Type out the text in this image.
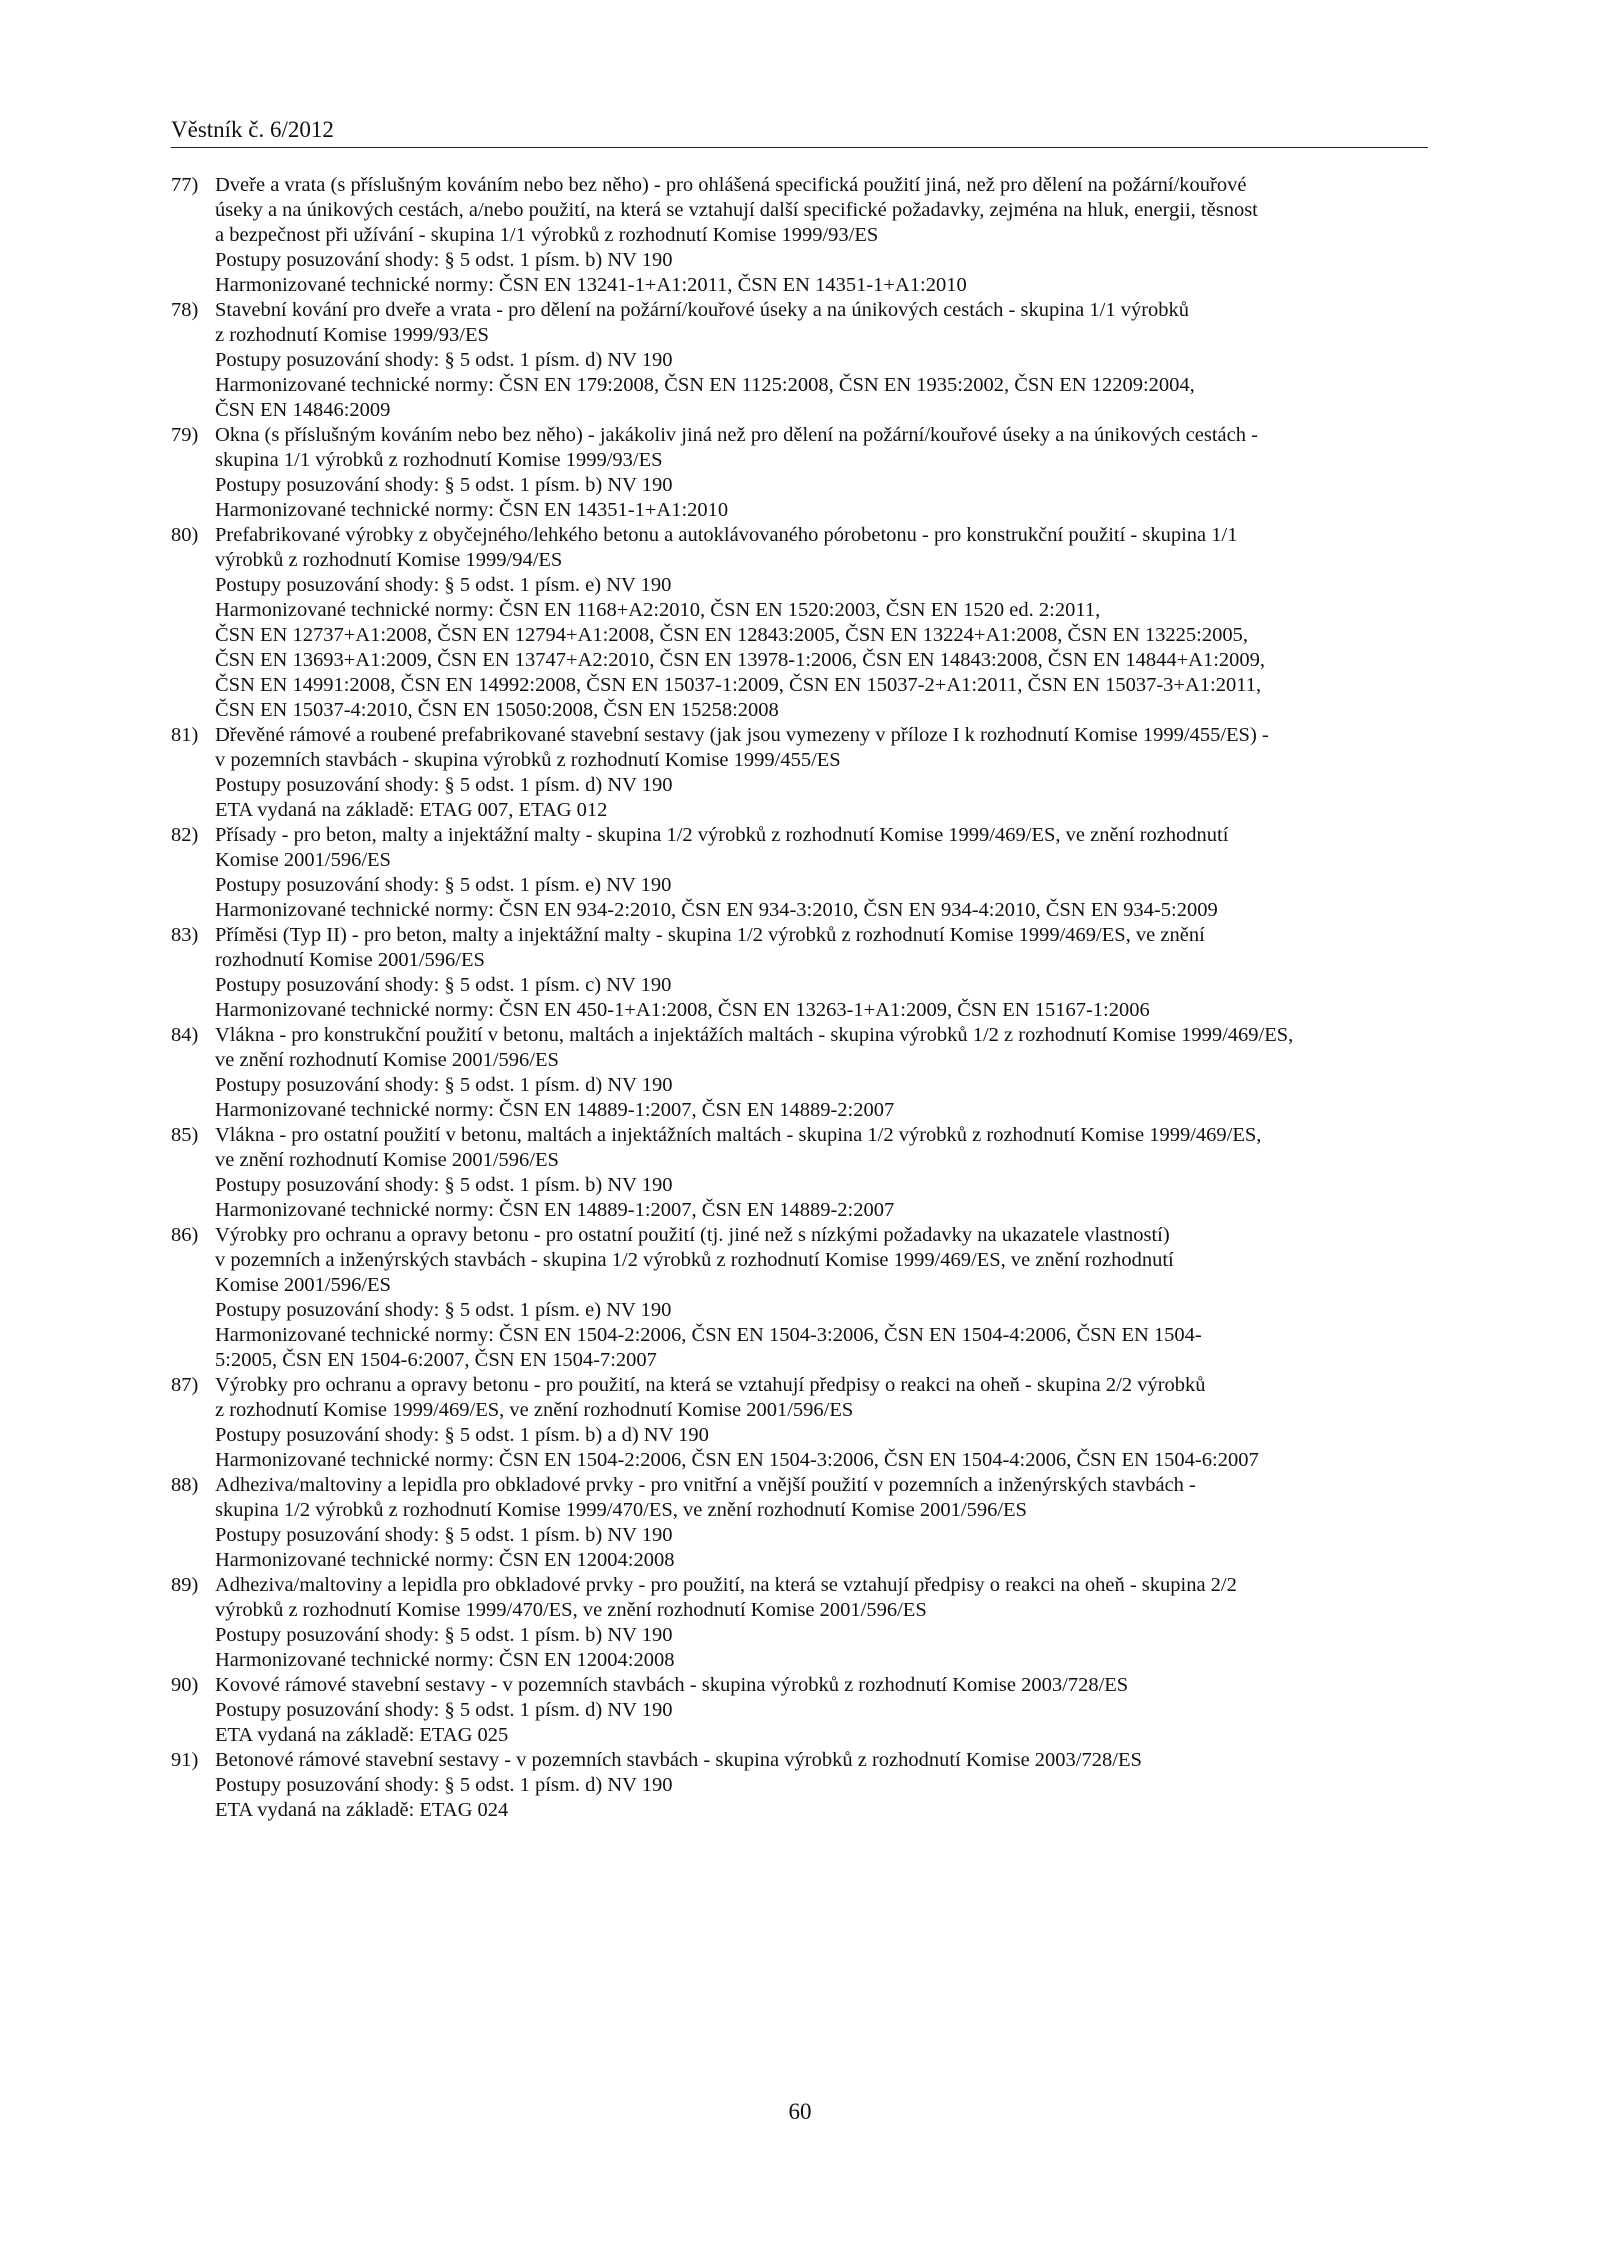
Věstník č. 6/2012
77) Dveře a vrata (s příslušným kováním nebo bez něho) - pro ohlášená specifická použití jiná, než pro dělení na požární/kouřové
úseky a na únikových cestách, a/nebo použití, na která se vztahují další specifické požadavky, zejména na hluk, energii, těsnost
a bezpečnost při užívání - skupina 1/1 výrobků z rozhodnutí Komise 1999/93/ES
Postupy posuzování shody: § 5 odst. 1 písm. b) NV 190
Harmonizované technické normy: ČSN EN 13241-1+A1:2011, ČSN EN 14351-1+A1:2010
78) Stavební kování pro dveře a vrata - pro dělení na požární/kouřové úseky a na únikových cestách - skupina 1/1 výrobků
z rozhodnutí Komise 1999/93/ES
Postupy posuzování shody: § 5 odst. 1 písm. d) NV 190
Harmonizované technické normy: ČSN EN 179:2008, ČSN EN 1125:2008, ČSN EN 1935:2002, ČSN EN 12209:2004,
ČSN EN 14846:2009
79) Okna (s příslušným kováním nebo bez něho) - jakákoliv jiná než pro dělení na požární/kouřové úseky a na únikových cestách -
skupina 1/1 výrobků z rozhodnutí Komise 1999/93/ES
Postupy posuzování shody: § 5 odst. 1 písm. b) NV 190
Harmonizované technické normy: ČSN EN 14351-1+A1:2010
80) Prefabrikované výrobky z obyčejného/lehkého betonu a autoklávovaného pórobetonu - pro konstrukční použití - skupina 1/1
výrobků z rozhodnutí Komise 1999/94/ES
Postupy posuzování shody: § 5 odst. 1 písm. e) NV 190
Harmonizované technické normy: ČSN EN 1168+A2:2010, ČSN EN 1520:2003, ČSN EN 1520 ed. 2:2011,
ČSN EN 12737+A1:2008, ČSN EN 12794+A1:2008, ČSN EN 12843:2005, ČSN EN 13224+A1:2008, ČSN EN 13225:2005,
ČSN EN 13693+A1:2009, ČSN EN 13747+A2:2010, ČSN EN 13978-1:2006, ČSN EN 14843:2008, ČSN EN 14844+A1:2009,
ČSN EN 14991:2008, ČSN EN 14992:2008, ČSN EN 15037-1:2009, ČSN EN 15037-2+A1:2011, ČSN EN 15037-3+A1:2011,
ČSN EN 15037-4:2010, ČSN EN 15050:2008, ČSN EN 15258:2008
81) Dřevěné rámové a roubené prefabrikované stavební sestavy (jak jsou vymezeny v příloze I k rozhodnutí Komise 1999/455/ES) -
v pozemních stavbách - skupina výrobků z rozhodnutí Komise 1999/455/ES
Postupy posuzování shody: § 5 odst. 1 písm. d) NV 190
ETA vydaná na základě: ETAG 007, ETAG 012
82) Přísady - pro beton, malty a injektážní malty - skupina 1/2 výrobků z rozhodnutí Komise 1999/469/ES, ve znění rozhodnutí
Komise 2001/596/ES
Postupy posuzování shody: § 5 odst. 1 písm. e) NV 190
Harmonizované technické normy: ČSN EN 934-2:2010, ČSN EN 934-3:2010, ČSN EN 934-4:2010, ČSN EN 934-5:2009
83) Příměsi (Typ II) - pro beton, malty a injektážní malty - skupina 1/2 výrobků z rozhodnutí Komise 1999/469/ES, ve znění
rozhodnutí Komise 2001/596/ES
Postupy posuzování shody: § 5 odst. 1 písm. c) NV 190
Harmonizované technické normy: ČSN EN 450-1+A1:2008, ČSN EN 13263-1+A1:2009, ČSN EN 15167-1:2006
84) Vlákna - pro konstrukční použití v betonu, maltách a injektážích maltách - skupina výrobků 1/2 z rozhodnutí Komise 1999/469/ES,
ve znění rozhodnutí Komise 2001/596/ES
Postupy posuzování shody: § 5 odst. 1 písm. d) NV 190
Harmonizované technické normy: ČSN EN 14889-1:2007, ČSN EN 14889-2:2007
85) Vlákna - pro ostatní použití v betonu, maltách a injektážních maltách - skupina 1/2 výrobků z rozhodnutí Komise 1999/469/ES,
ve znění rozhodnutí Komise 2001/596/ES
Postupy posuzování shody: § 5 odst. 1 písm. b) NV 190
Harmonizované technické normy: ČSN EN 14889-1:2007, ČSN EN 14889-2:2007
86) Výrobky pro ochranu a opravy betonu - pro ostatní použití (tj. jiné než s nízkými požadavky na ukazatele vlastností)
v pozemních a inženýrských stavbách - skupina 1/2 výrobků z rozhodnutí Komise 1999/469/ES, ve znění rozhodnutí
Komise 2001/596/ES
Postupy posuzování shody: § 5 odst. 1 písm. e) NV 190
Harmonizované technické normy: ČSN EN 1504-2:2006, ČSN EN 1504-3:2006, ČSN EN 1504-4:2006, ČSN EN 1504-
5:2005, ČSN EN 1504-6:2007, ČSN EN 1504-7:2007
87) Výrobky pro ochranu a opravy betonu - pro použití, na která se vztahují předpisy o reakci na oheň - skupina 2/2 výrobků
z rozhodnutí Komise 1999/469/ES, ve znění rozhodnutí Komise 2001/596/ES
Postupy posuzování shody: § 5 odst. 1 písm. b) a d) NV 190
Harmonizované technické normy: ČSN EN 1504-2:2006, ČSN EN 1504-3:2006, ČSN EN 1504-4:2006, ČSN EN 1504-6:2007
88) Adheziva/maltoviny a lepidla pro obkladové prvky - pro vnitřní a vnější použití v pozemních a inženýrských stavbách -
skupina 1/2 výrobků z rozhodnutí Komise 1999/470/ES, ve znění rozhodnutí Komise 2001/596/ES
Postupy posuzování shody: § 5 odst. 1 písm. b) NV 190
Harmonizované technické normy: ČSN EN 12004:2008
89) Adheziva/maltoviny a lepidla pro obkladové prvky - pro použití, na která se vztahují předpisy o reakci na oheň - skupina 2/2
výrobků z rozhodnutí Komise 1999/470/ES, ve znění rozhodnutí Komise 2001/596/ES
Postupy posuzování shody: § 5 odst. 1 písm. b) NV 190
Harmonizované technické normy: ČSN EN 12004:2008
90) Kovové rámové stavební sestavy - v pozemních stavbách - skupina výrobků z rozhodnutí Komise 2003/728/ES
Postupy posuzování shody: § 5 odst. 1 písm. d) NV 190
ETA vydaná na základě: ETAG 025
91) Betonové rámové stavební sestavy - v pozemních stavbách - skupina výrobků z rozhodnutí Komise 2003/728/ES
Postupy posuzování shody: § 5 odst. 1 písm. d) NV 190
ETA vydaná na základě: ETAG 024
60
